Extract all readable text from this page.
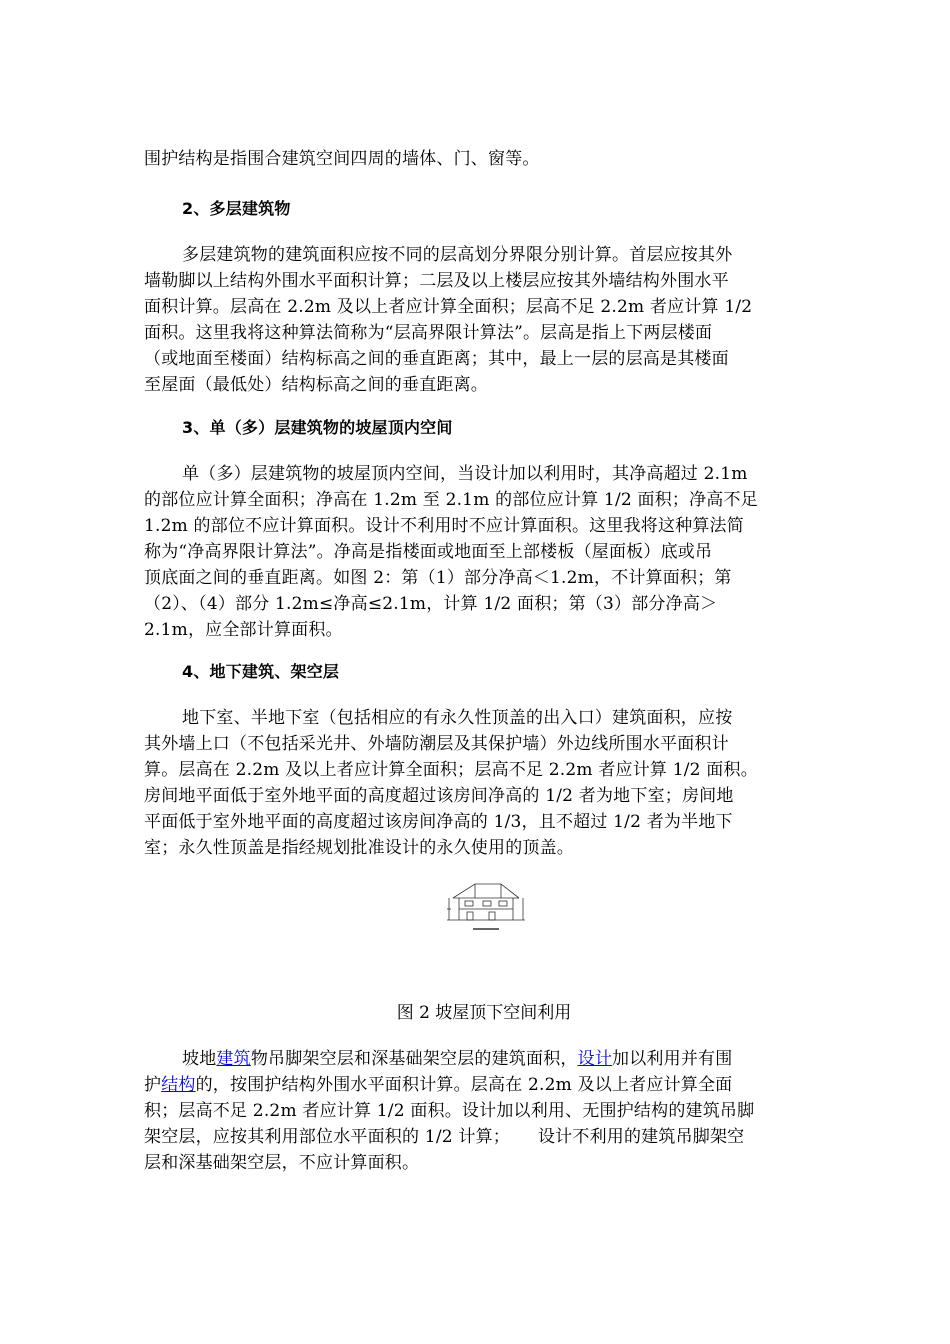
围护结构是指围合建筑空间四周的墙体、门、窗等。
2、多层建筑物
多层建筑物的建筑面积应按不同的层高划分界限分别计算。首层应按其外
墙勒脚以上结构外围水平面积计算；二层及以上楼层应按其外墙结构外围水平
面积计算。层高在 2.2m 及以上者应计算全面积；层高不足 2.2m 者应计算 1/2
面积。这里我将这种算法简称为“层高界限计算法”。层高是指上下两层楼面
（或地面至楼面）结构标高之间的垂直距离；其中，最上一层的层高是其楼面
至屋面（最低处）结构标高之间的垂直距离。
3、单（多）层建筑物的坡屋顶内空间
单（多）层建筑物的坡屋顶内空间，当设计加以利用时，其净高超过 2.1m
的部位应计算全面积；净高在 1.2m 至 2.1m 的部位应计算 1/2 面积；净高不足
1.2m 的部位不应计算面积。设计不利用时不应计算面积。这里我将这种算法简
称为“净高界限计算法”。净高是指楼面或地面至上部楼板（屋面板）底或吊
顶底面之间的垂直距离。如图 2：第（1）部分净高＜1.2m，不计算面积；第
（2）、（4）部分 1.2m≤净高≤2.1m，计算 1/2 面积；第（3）部分净高＞
2.1m，应全部计算面积。
4、地下建筑、架空层
地下室、半地下室（包括相应的有永久性顶盖的出入口）建筑面积，应按
其外墙上口（不包括采光井、外墙防潮层及其保护墙）外边线所围水平面积计
算。层高在 2.2m 及以上者应计算全面积；层高不足 2.2m 者应计算 1/2 面积。
房间地平面低于室外地平面的高度超过该房间净高的 1/2 者为地下室；房间地
平面低于室外地平面的高度超过该房间净高的 1/3，且不超过 1/2 者为半地下
室；永久性顶盖是指经规划批准设计的永久使用的顶盖。
图 2 坡屋顶下空间利用
坡地建筑物吊脚架空层和深基础架空层的建筑面积，设计加以利用并有围
护结构的，按围护结构外围水平面积计算。层高在 2.2m 及以上者应计算全面
积；层高不足 2.2m 者应计算 1/2 面积。设计加以利用、无围护结构的建筑吊脚
架空层，应按其利用部位水平面积的 1/2 计算；     设计不利用的建筑吊脚架空
层和深基础架空层，不应计算面积。
